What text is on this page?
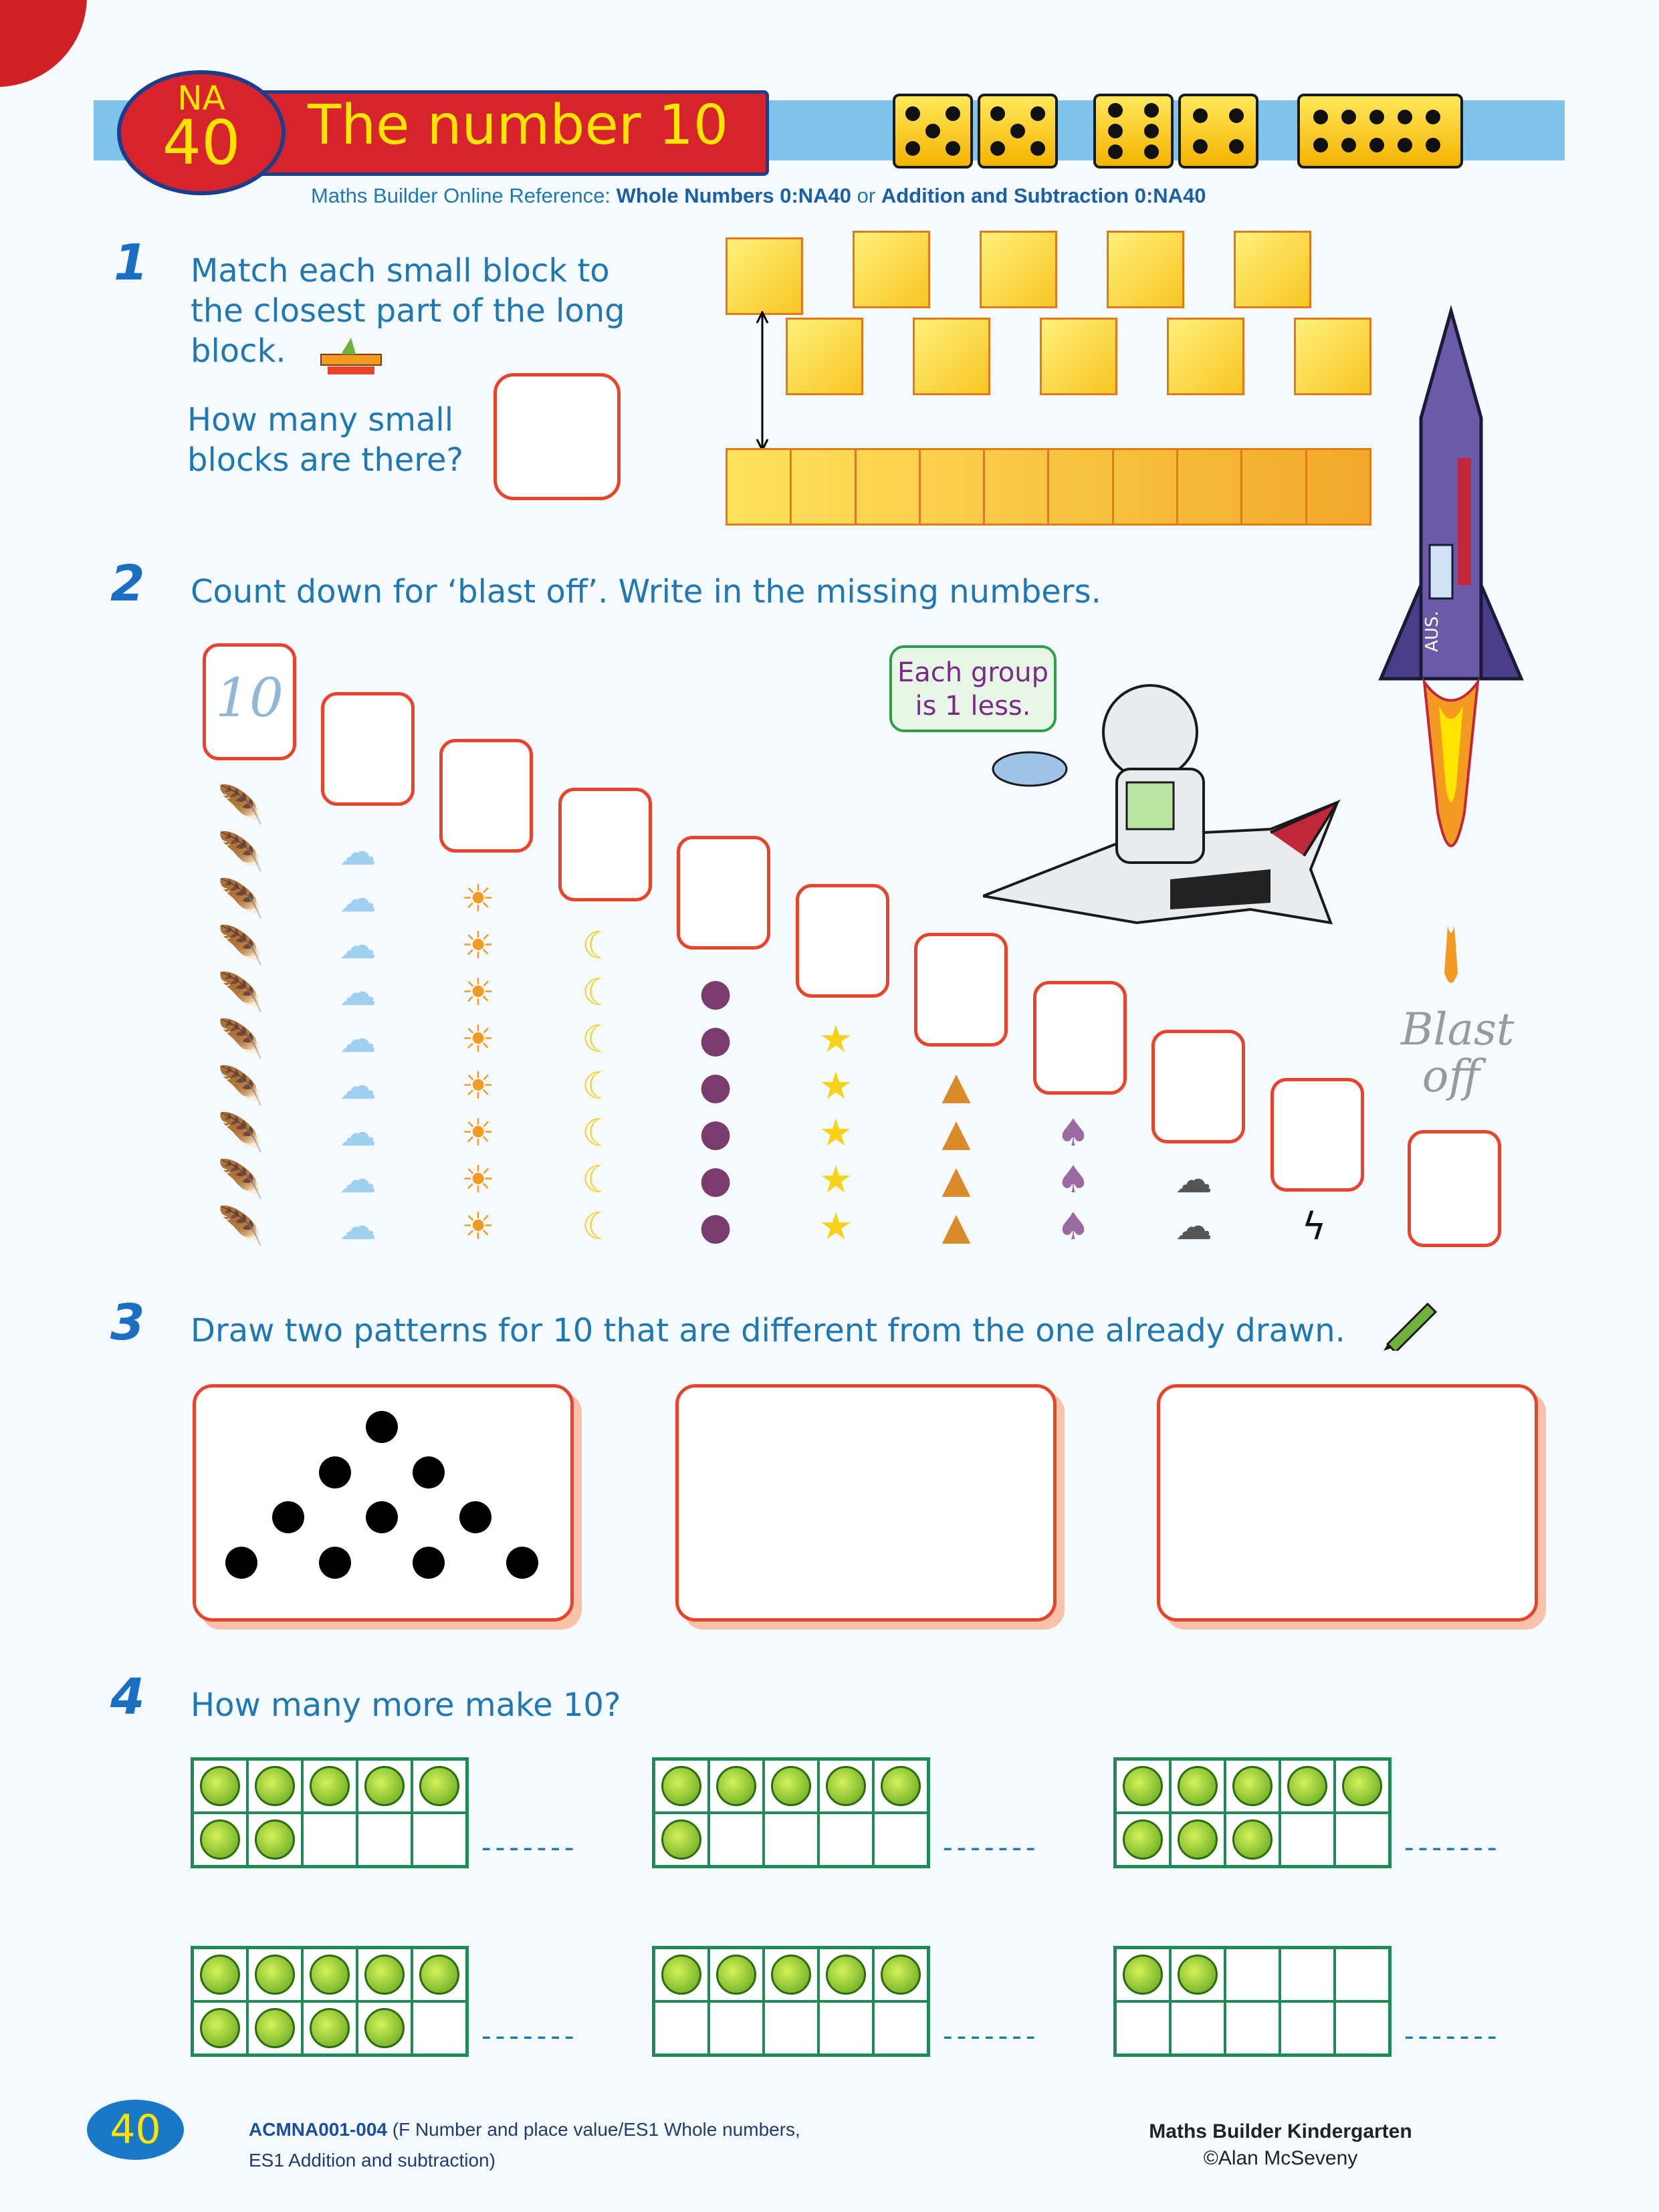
The number 10
NA
40
Maths Builder Online Reference: Whole Numbers 0:NA40 or Addition and Subtraction 0:NA40
1 Match each small block to
the closest part of the long
block.
How many small
blocks are there?
AUS.
2 Count down for ‘blast off’. Write in the missing numbers.
Each group
is 1 less.
Blast
off
10
🪶
🪶
🪶
🪶
🪶
🪶
🪶
🪶
🪶
🪶
☁
☁
☁
☁
☁
☁
☁
☁
☁
☀
☀
☀
☀
☀
☀
☀
☀
☾
☾
☾
☾
☾
☾
☾
●
●
●
●
●
●
★
★
★
★
★
▲
▲
▲
▲
♠
♠
♠
☁
☁
ϟ
3 Draw two patterns for 10 that are different from the one already drawn.
4 How many more make 10?
-------	-------	-------
-------	-------	-------
40	ACMNA001-004 (F Number and place value/ES1 Whole numbers,
ES1 Addition and subtraction)
Maths Builder Kindergarten
©Alan McSeveny
